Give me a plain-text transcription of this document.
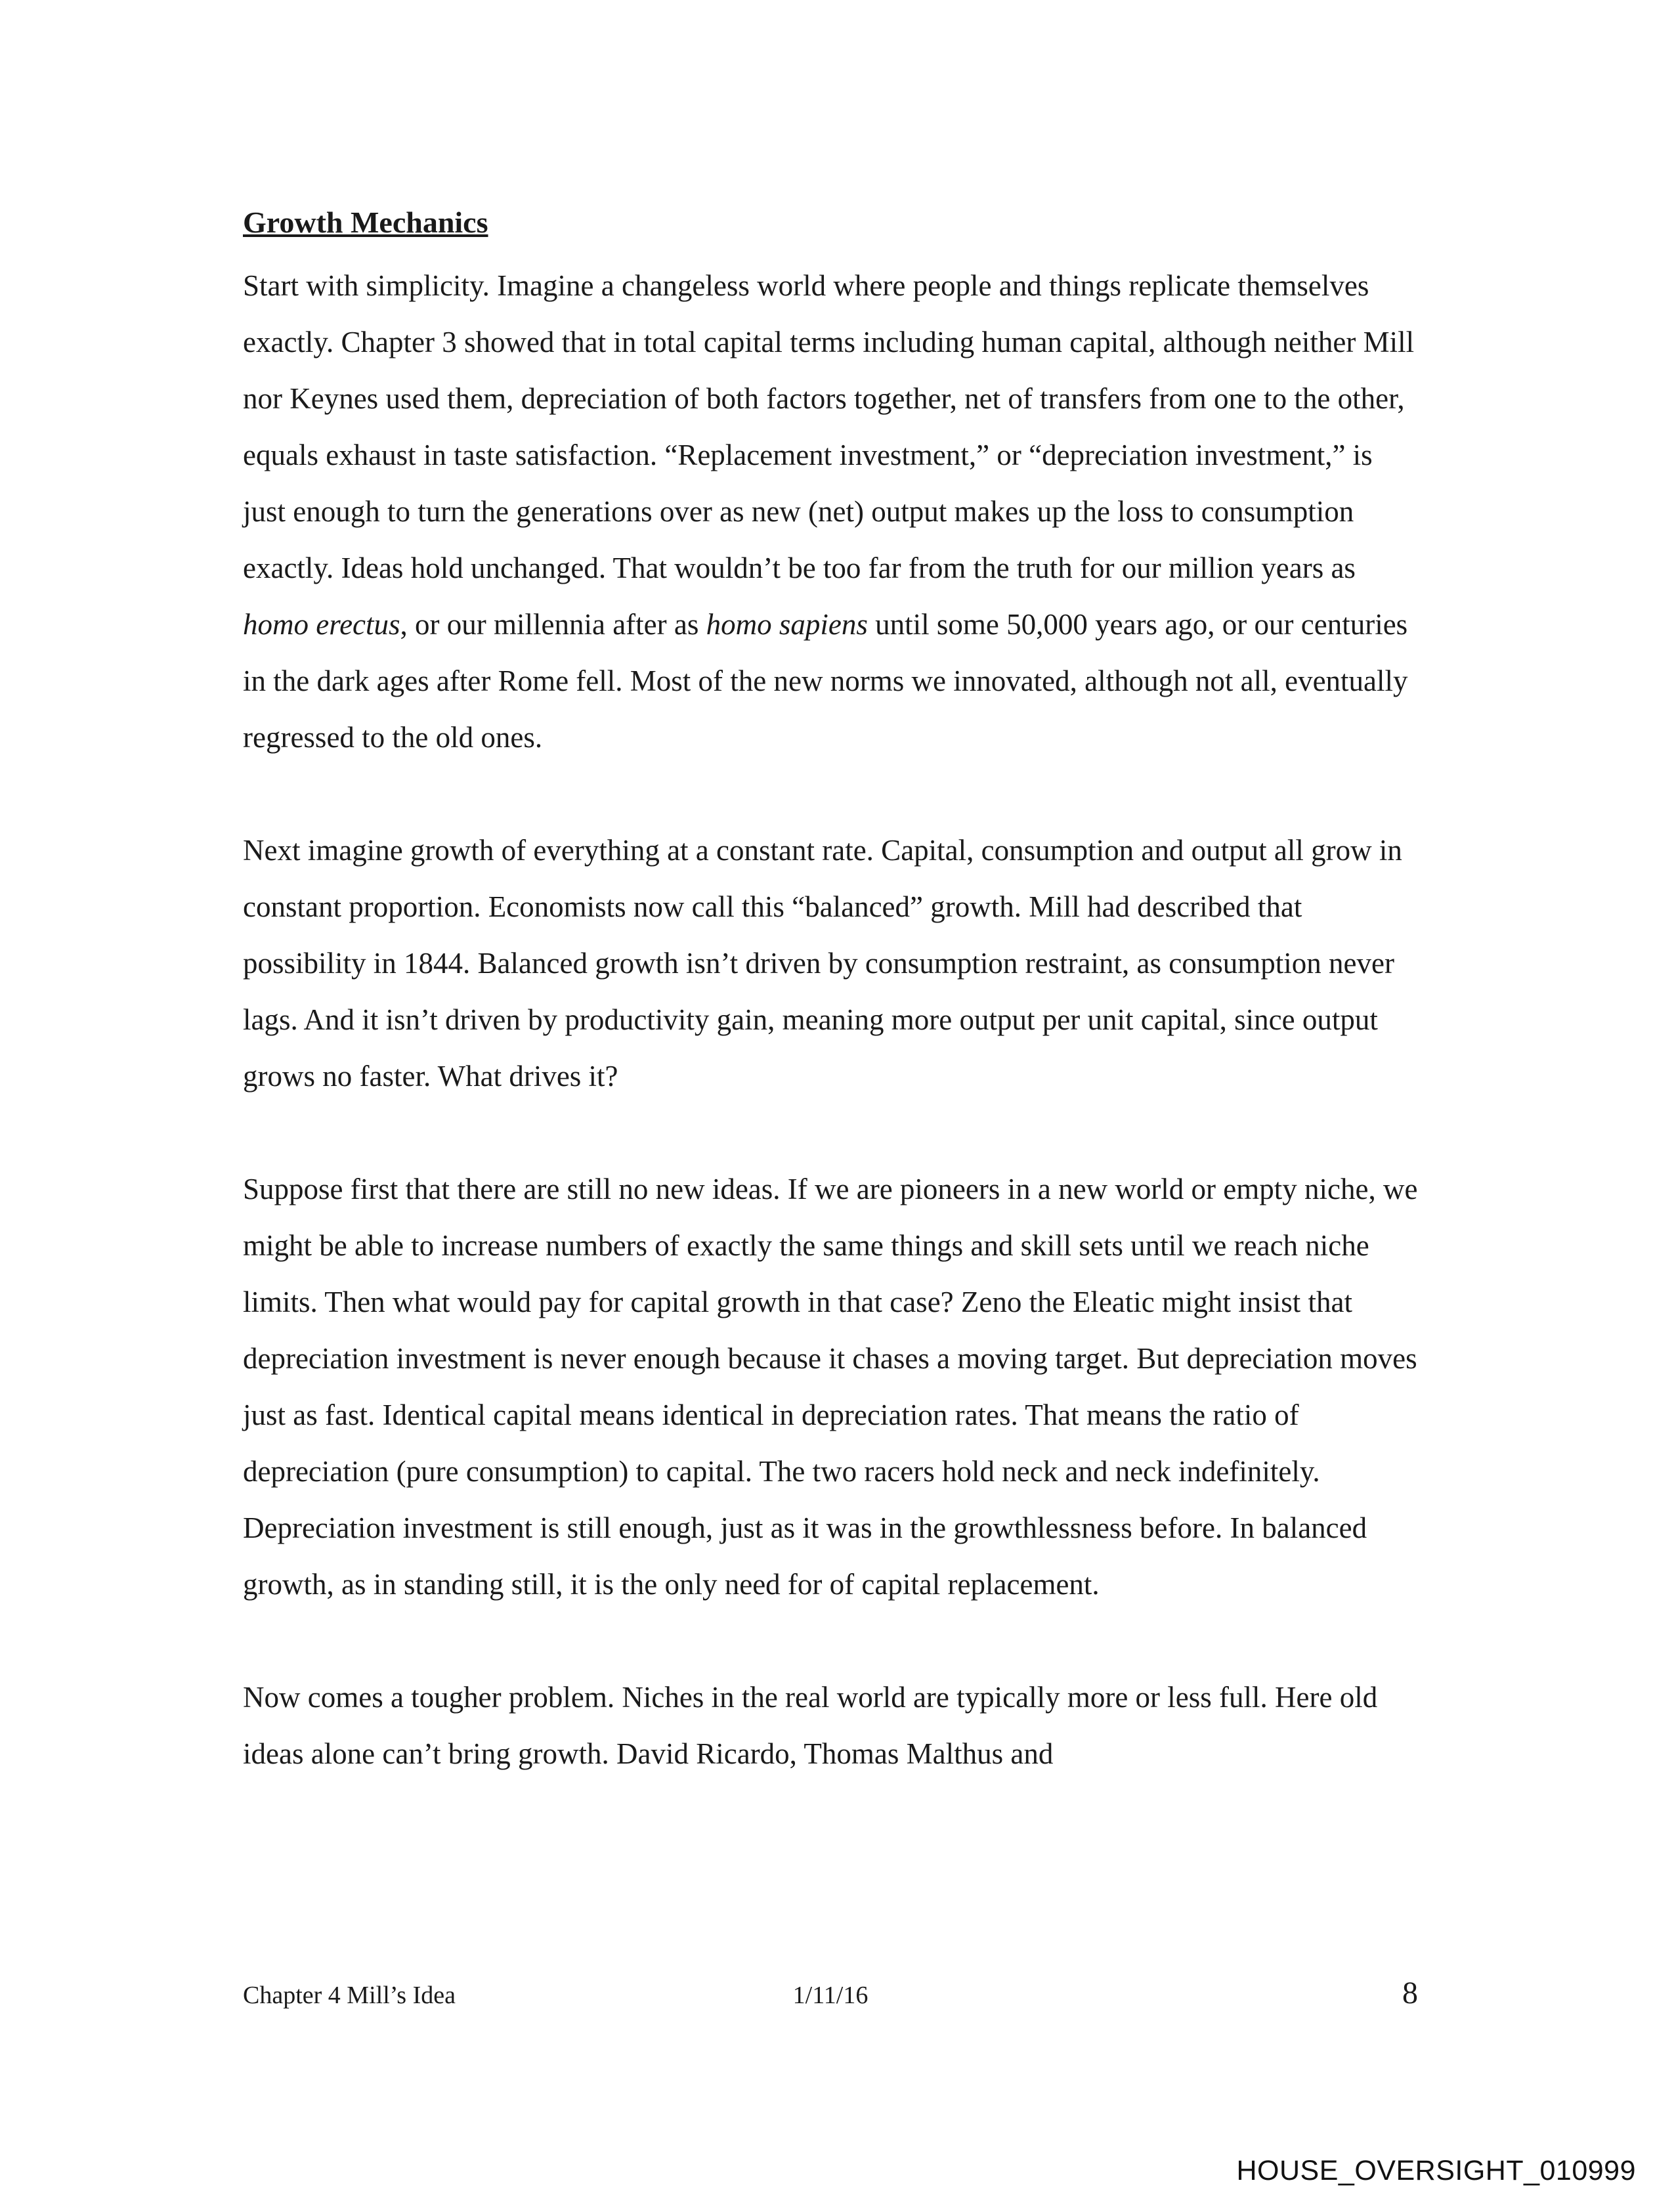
Growth Mechanics

Start with simplicity. Imagine a changeless world where people and things replicate themselves exactly. Chapter 3 showed that in total capital terms including human capital, although neither Mill nor Keynes used them, depreciation of both factors together, net of transfers from one to the other, equals exhaust in taste satisfaction. “Replacement investment,” or “depreciation investment,” is just enough to turn the generations over as new (net) output makes up the loss to consumption exactly. Ideas hold unchanged. That wouldn’t be too far from the truth for our million years as homo erectus, or our millennia after as homo sapiens until some 50,000 years ago, or our centuries in the dark ages after Rome fell. Most of the new norms we innovated, although not all, eventually regressed to the old ones.

Next imagine growth of everything at a constant rate. Capital, consumption and output all grow in constant proportion. Economists now call this “balanced” growth. Mill had described that possibility in 1844. Balanced growth isn’t driven by consumption restraint, as consumption never lags. And it isn’t driven by productivity gain, meaning more output per unit capital, since output grows no faster. What drives it?

Suppose first that there are still no new ideas. If we are pioneers in a new world or empty niche, we might be able to increase numbers of exactly the same things and skill sets until we reach niche limits. Then what would pay for capital growth in that case? Zeno the Eleatic might insist that depreciation investment is never enough because it chases a moving target. But depreciation moves just as fast. Identical capital means identical in depreciation rates. That means the ratio of depreciation (pure consumption) to capital. The two racers hold neck and neck indefinitely. Depreciation investment is still enough, just as it was in the growthlessness before. In balanced growth, as in standing still, it is the only need for of capital replacement.

Now comes a tougher problem. Niches in the real world are typically more or less full. Here old ideas alone can’t bring growth. David Ricardo, Thomas Malthus and

Chapter 4 Mill’s Idea	1/11/16	8
HOUSE_OVERSIGHT_010999
